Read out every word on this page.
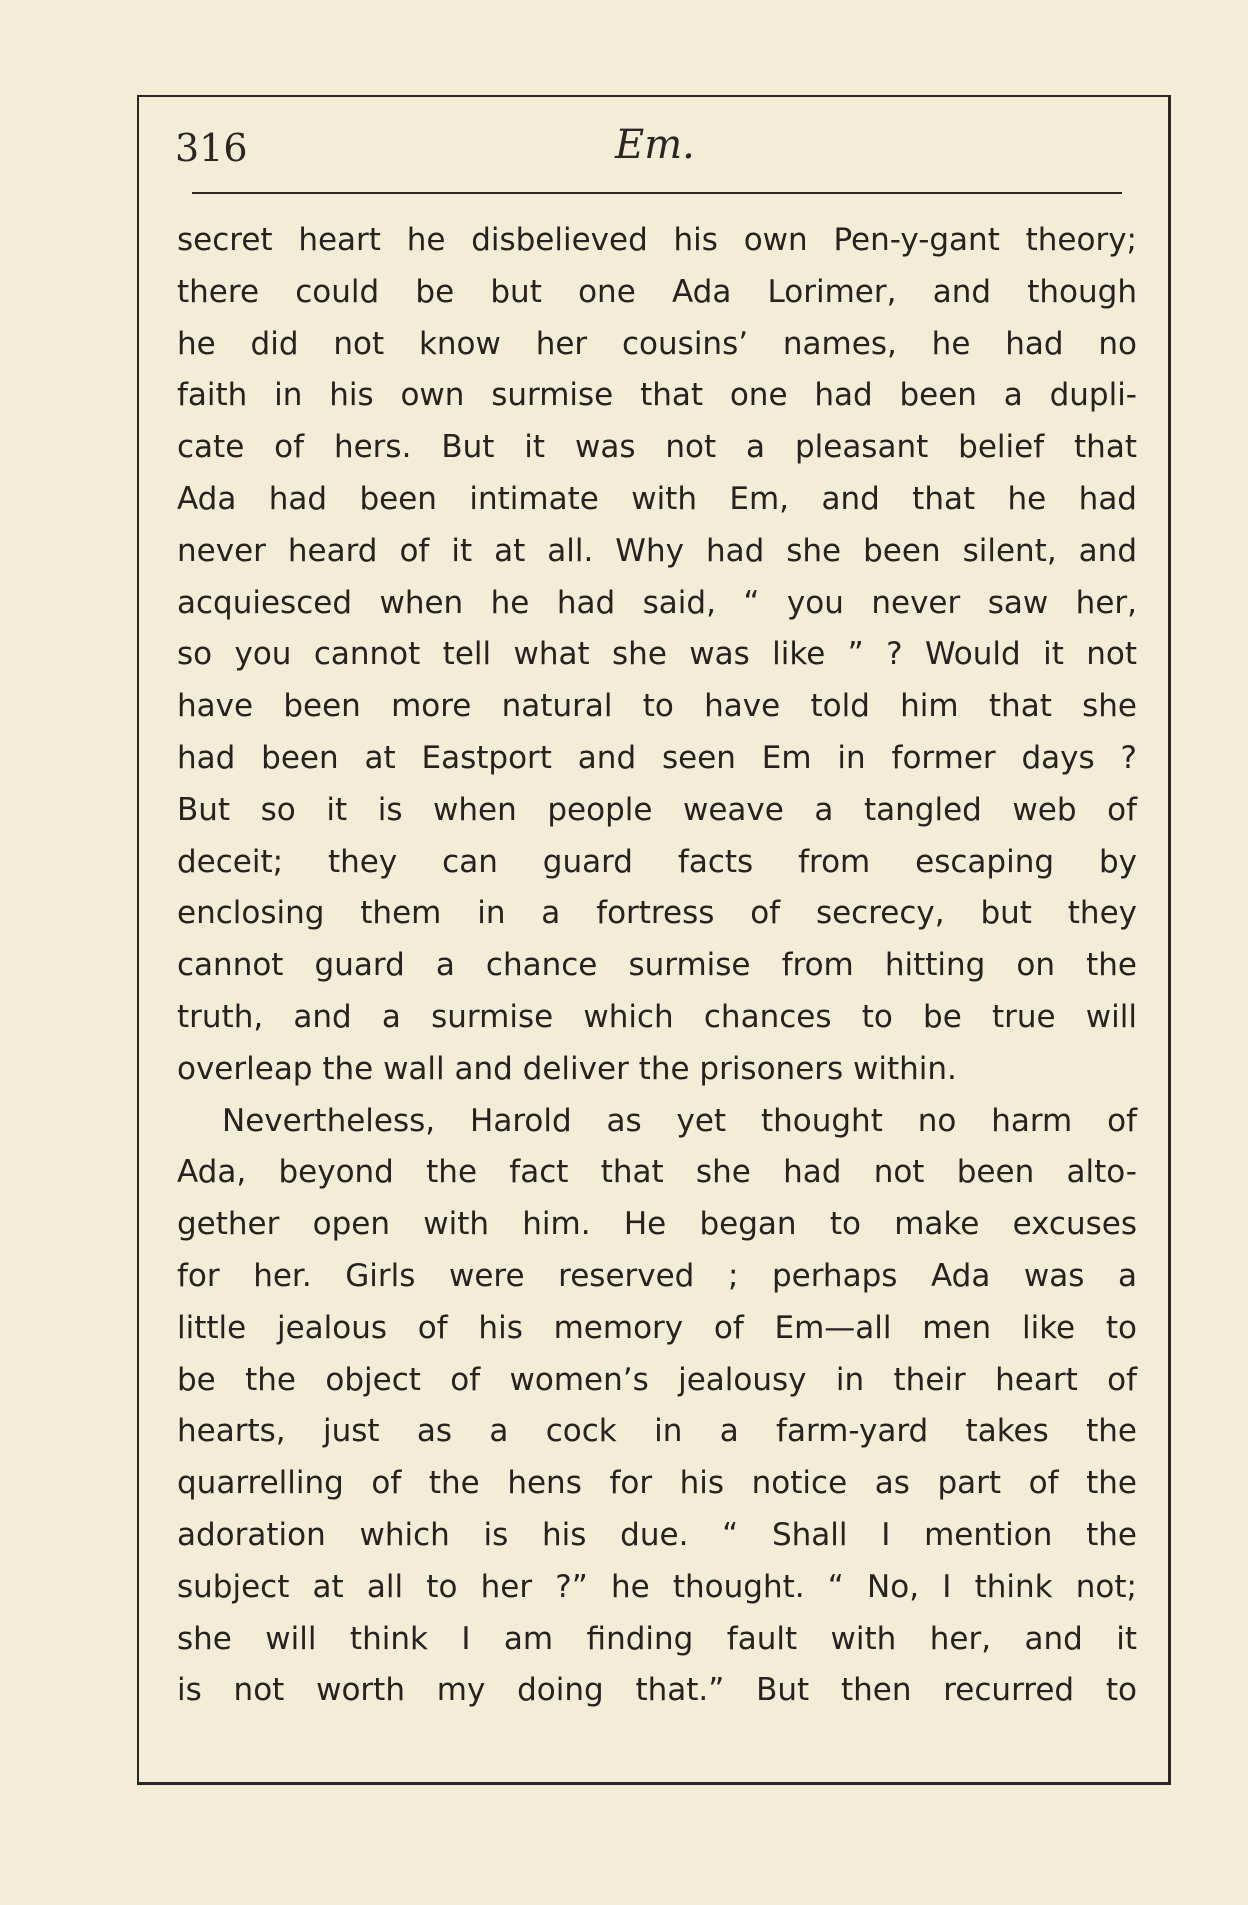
316	Em.
secret heart he disbelieved his own Pen-y-gant theory;
there could be but one Ada Lorimer, and though
he did not know her cousins’ names, he had no
faith in his own surmise that one had been a dupli-
cate of hers. But it was not a pleasant belief that
Ada had been intimate with Em, and that he had
never heard of it at all. Why had she been silent, and
acquiesced when he had said, “ you never saw her,
so you cannot tell what she was like ” ? Would it not
have been more natural to have told him that she
had been at Eastport and seen Em in former days ?
But so it is when people weave a tangled web of
deceit; they can guard facts from escaping by
enclosing them in a fortress of secrecy, but they
cannot guard a chance surmise from hitting on the
truth, and a surmise which chances to be true will
overleap the wall and deliver the prisoners within.
Nevertheless, Harold as yet thought no harm of
Ada, beyond the fact that she had not been alto-
gether open with him. He began to make excuses
for her. Girls were reserved ; perhaps Ada was a
little jealous of his memory of Em—all men like to
be the object of women’s jealousy in their heart of
hearts, just as a cock in a farm-yard takes the
quarrelling of the hens for his notice as part of the
adoration which is his due. “ Shall I mention the
subject at all to her ?” he thought. “ No, I think not;
she will think I am finding fault with her, and it
is not worth my doing that.” But then recurred to
